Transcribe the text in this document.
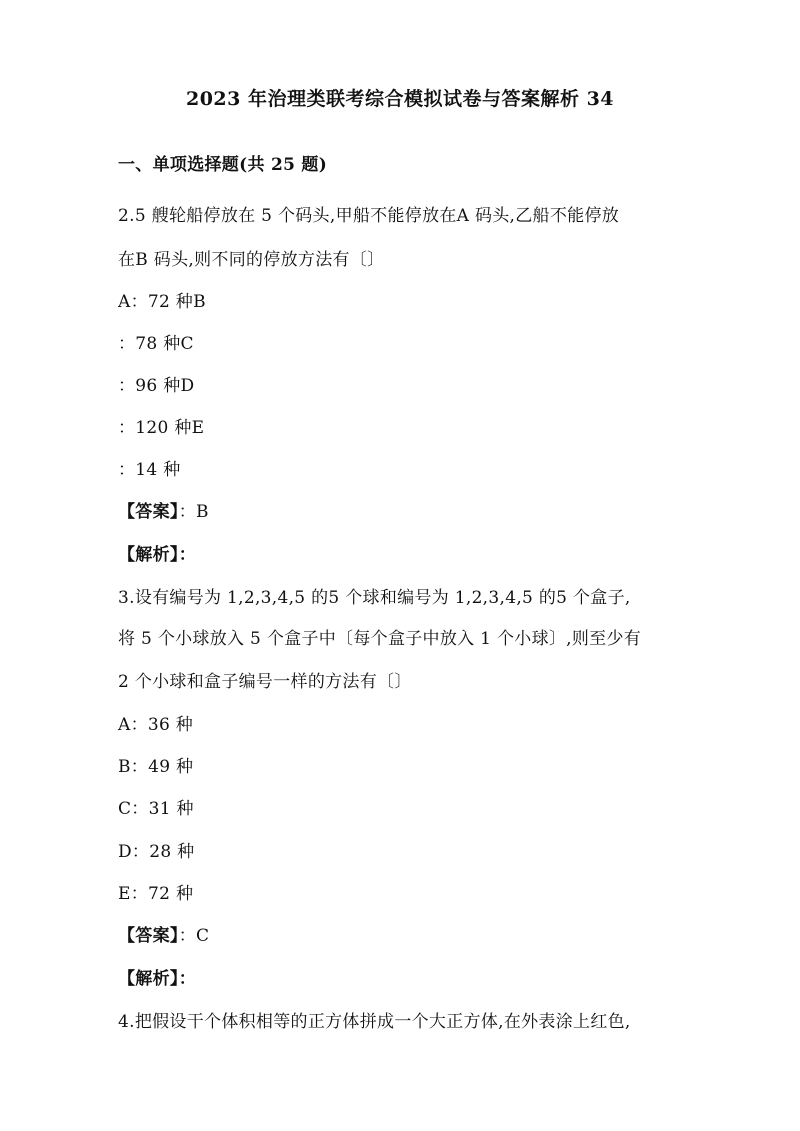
2023 年治理类联考综合模拟试卷与答案解析 34
一、单项选择题(共 25 题)
2.5 艘轮船停放在 5 个码头,甲船不能停放在A 码头,乙船不能停放
在B 码头,则不同的停放方法有〔〕
A：72 种B
：78 种C
：96 种D
：120 种E
：14 种
【答案】：B
【解析】：
3.设有编号为 1,2,3,4,5 的5 个球和编号为 1,2,3,4,5 的5 个盒子,
将 5 个小球放入 5 个盒子中〔每个盒子中放入 1 个小球〕,则至少有
2 个小球和盒子编号一样的方法有〔〕
A：36 种
B：49 种
C：31 种
D：28 种
E：72 种
【答案】：C
【解析】：
4.把假设干个体积相等的正方体拼成一个大正方体,在外表涂上红色,
